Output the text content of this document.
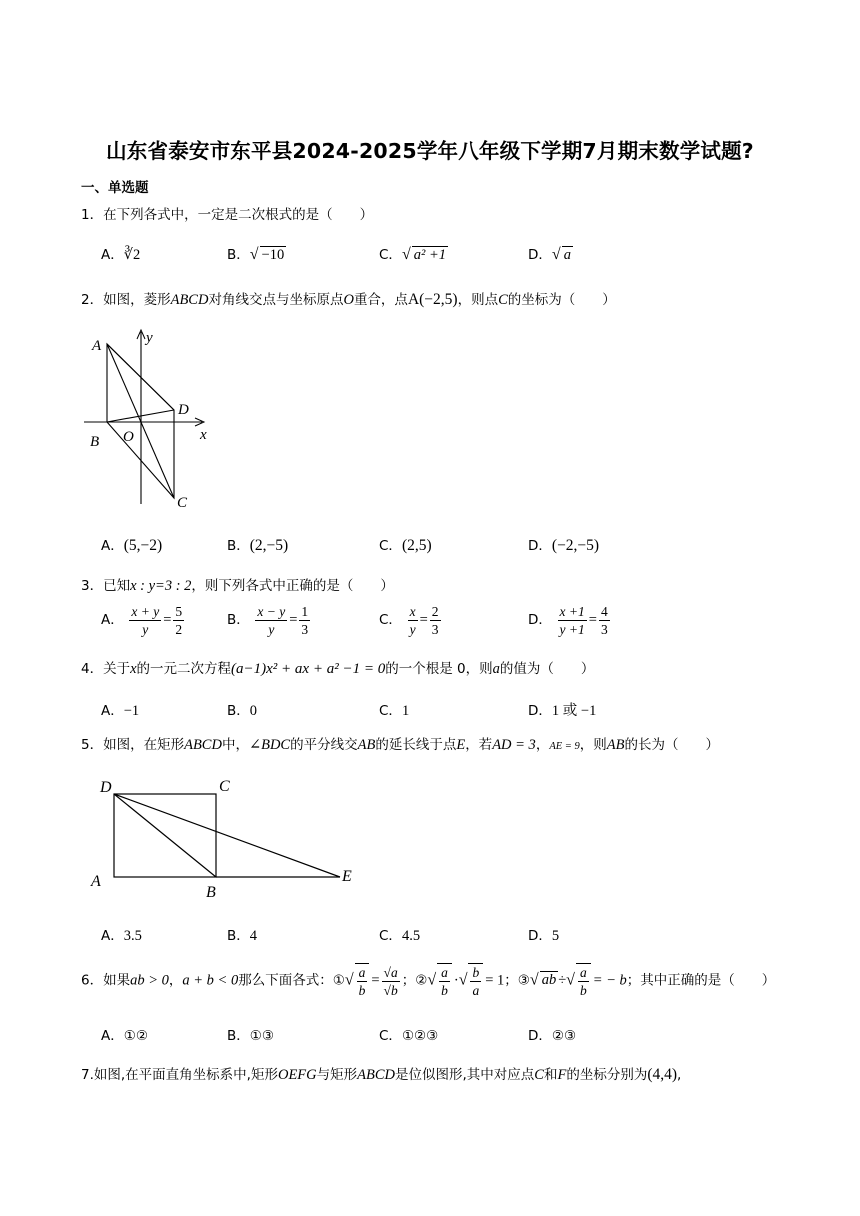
山东省泰安市东平县2024-2025学年八年级下学期7月期末数学试题?
一、单选题
1．在下列各式中，一定是二次根式的是（　　）
A．∛2	B．√ −10	C．√ a² +1	D．√ a
2．如图，菱形ABCD对角线交点与坐标原点O重合，点A(−2,5)，则点C的坐标为（　　）
A
B
C
D
O	x
y
A．(5,−2)	B．(2,−5)	C．(2,5)	D．(−2,−5)
3．已知x : y=3 : 2，则下列各式中正确的是（　　）
A． $\frac{x + y}{y} = \frac{5}{2}$	B． $\frac{x - y}{y} = \frac{1}{3}$	C． $\frac{x}{y} = \frac{2}{3}$	D． $\frac{x +1}{y +1} = \frac{4}{3}$
4．关于x的一元二次方程(a−1)x² + ax + a² −1 = 0的一个根是 0，则a的值为（　　）
A．−1	B．0	C．1	D．1 或 −1
5．如图，在矩形ABCD中，∠BDC的平分线交AB的延长线于点E，若AD = 3，AE = 9，则AB的长为（　　）
D	C
A
B
E
A．3.5	B．4	C．4.5	D．5
6．如果ab > 0，a + b < 0那么下面各式：①√ $\frac{a}{b} = \frac{√a}{√b}$ ；②√ $\frac{a}{b}$ ·√ $\frac{b}{a} = 1$；③√ ab ÷√ $\frac{a}{b}$ = − b；其中正确的是（　　）
A．①②	B．①③	C．①②③	D．②③
7.如图,在平面直角坐标系中,矩形OEFG与矩形ABCD是位似图形,其中对应点C和F的坐标分别为(4,4),
